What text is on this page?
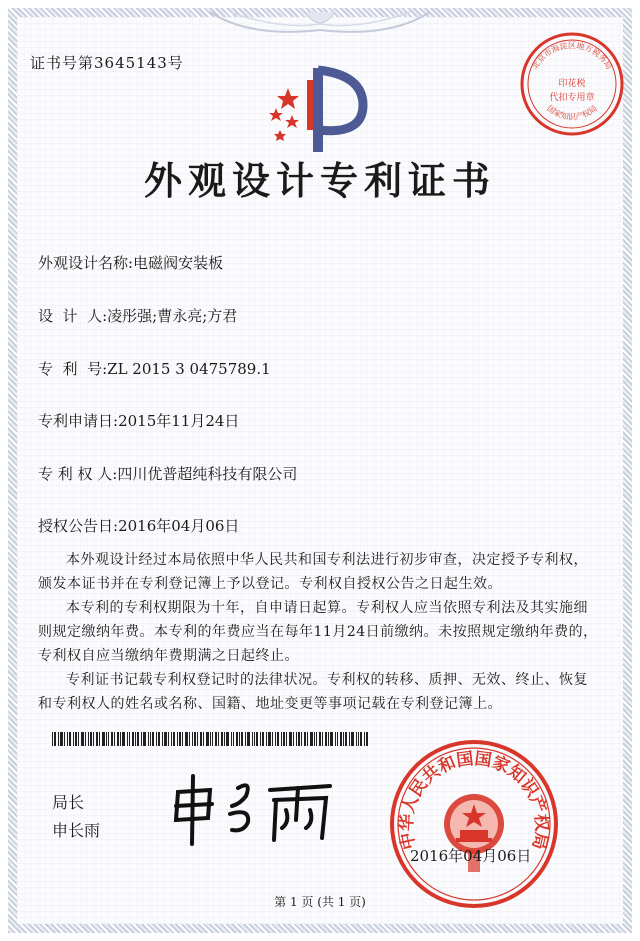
证书号第3645143号	北京市海淀区地方税务局
国家知识产权局
印花税
代扣专用章
外观设计专利证书
外观设计名称:电磁阀安装板
设  计  人:凌彤强;曹永亮;方君
专  利  号:ZL 2015 3 0475789.1
专利申请日:2015年11月24日
专 利 权 人:四川优普超纯科技有限公司
授权公告日:2016年04月06日
本外观设计经过本局依照中华人民共和国专利法进行初步审查，决定授予专利权，颁发本证书并在专利登记簿上予以登记。专利权自授权公告之日起生效。
本专利的专利权期限为十年，自申请日起算。专利权人应当依照专利法及其实施细则规定缴纳年费。本专利的年费应当在每年11月24日前缴纳。未按照规定缴纳年费的，专利权自应当缴纳年费期满之日起终止。
专利证书记载专利权登记时的法律状况。专利权的转移、质押、无效、终止、恢复和专利权人的姓名或名称、国籍、地址变更等事项记载在专利登记簿上。
局长
申长雨	中华人民共和国国家知识产权局
2016年04月06日
第 1 页 (共 1 页)
